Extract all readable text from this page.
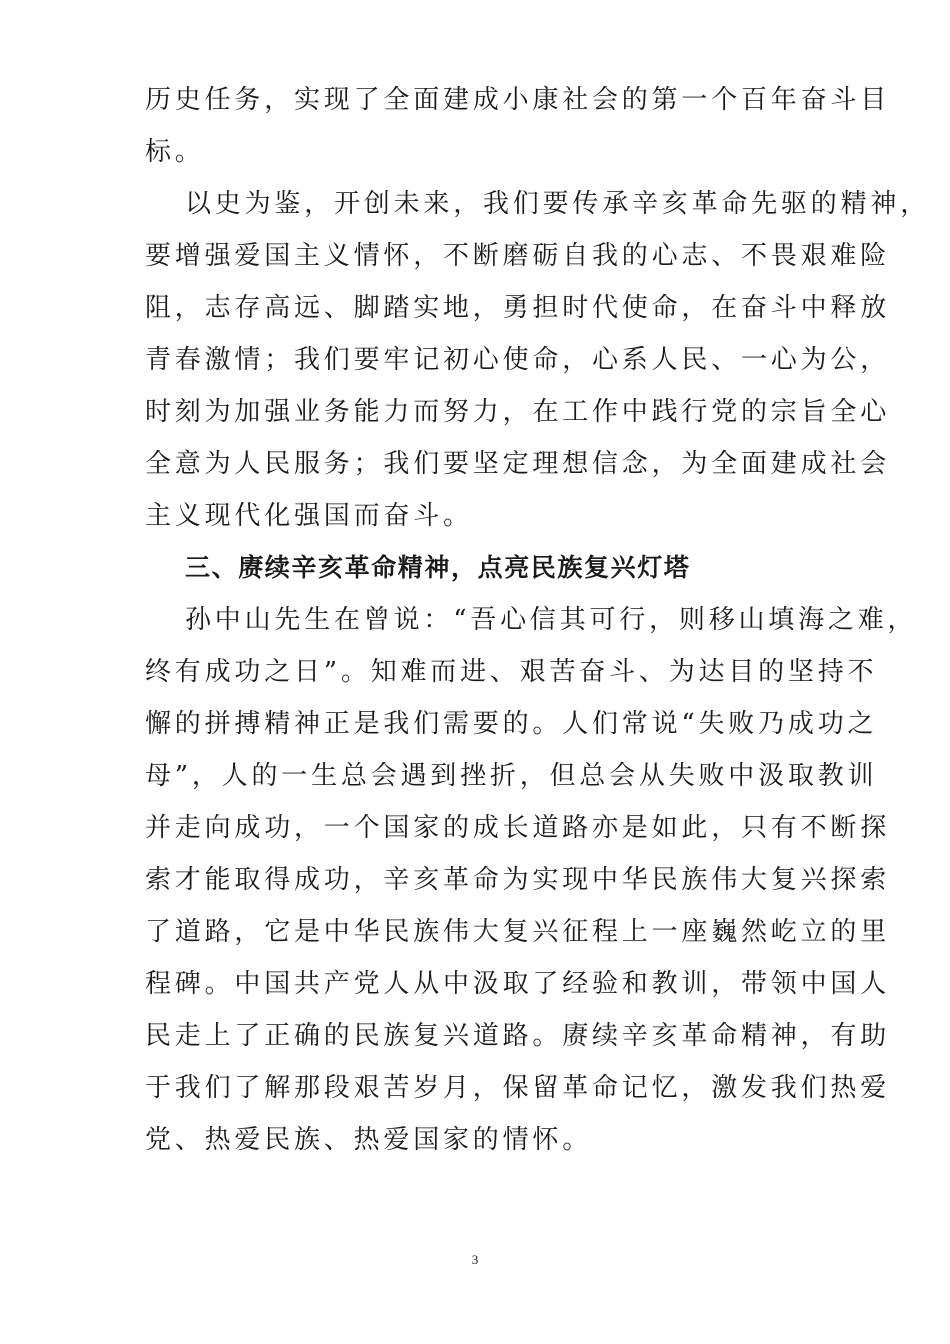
历史任务，实现了全面建成小康社会的第一个百年奋斗目
标。
以史为鉴，开创未来，我们要传承辛亥革命先驱的精神，
要增强爱国主义情怀，不断磨砺自我的心志、不畏艰难险
阻，志存高远、脚踏实地，勇担时代使命，在奋斗中释放
青春激情；我们要牢记初心使命，心系人民、一心为公，
时刻为加强业务能力而努力，在工作中践行党的宗旨全心
全意为人民服务；我们要坚定理想信念，为全面建成社会
主义现代化强国而奋斗。
三、赓续辛亥革命精神，点亮民族复兴灯塔
孙中山先生在曾说：“吾心信其可行，则移山填海之难，
终有成功之日”。知难而进、艰苦奋斗、为达目的坚持不
懈的拼搏精神正是我们需要的。人们常说“失败乃成功之
母”，人的一生总会遇到挫折，但总会从失败中汲取教训
并走向成功，一个国家的成长道路亦是如此，只有不断探
索才能取得成功，辛亥革命为实现中华民族伟大复兴探索
了道路，它是中华民族伟大复兴征程上一座巍然屹立的里
程碑。中国共产党人从中汲取了经验和教训，带领中国人
民走上了正确的民族复兴道路。赓续辛亥革命精神，有助
于我们了解那段艰苦岁月，保留革命记忆，激发我们热爱
党、热爱民族、热爱国家的情怀。
3
